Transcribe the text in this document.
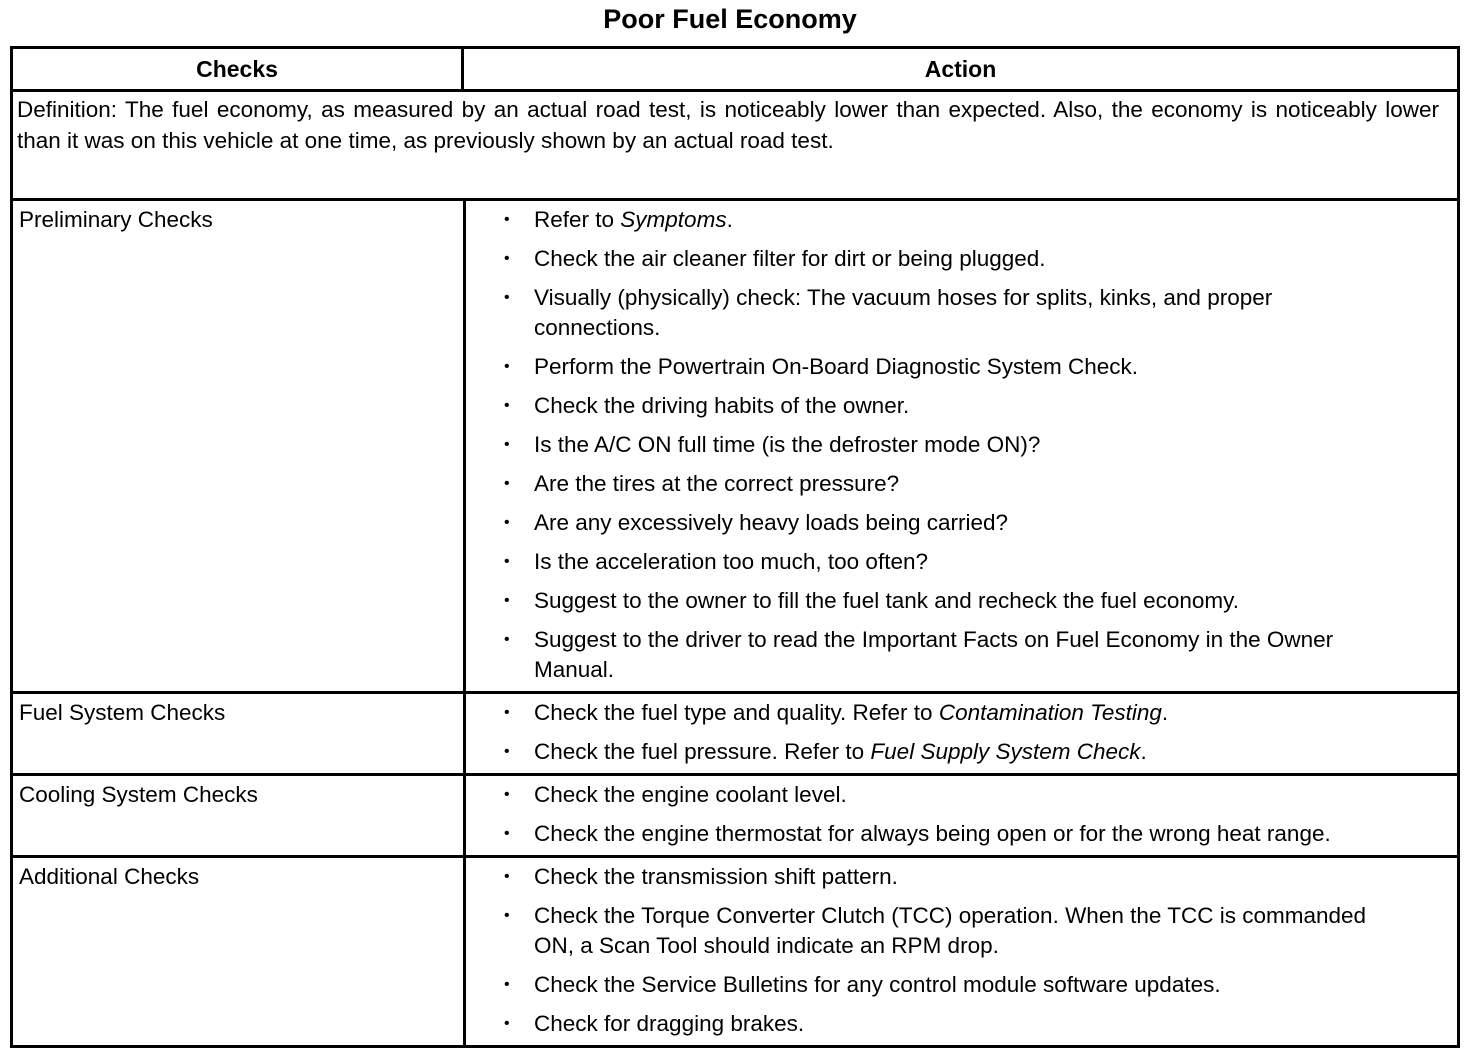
Poor Fuel Economy
Checks	Action
Definition: The fuel economy, as measured by an actual road test, is noticeably lower than expected. Also, the economy is noticeably lower than it was on this vehicle at one time, as previously shown by an actual road test.
Preliminary Checks	• Refer to Symptoms.
• Check the air cleaner filter for dirt or being plugged.
• Visually (physically) check: The vacuum hoses for splits, kinks, and proper connections.
• Perform the Powertrain On-Board Diagnostic System Check.
• Check the driving habits of the owner.
• Is the A/C ON full time (is the defroster mode ON)?
• Are the tires at the correct pressure?
• Are any excessively heavy loads being carried?
• Is the acceleration too much, too often?
• Suggest to the owner to fill the fuel tank and recheck the fuel economy.
• Suggest to the driver to read the Important Facts on Fuel Economy in the Owner Manual.
Fuel System Checks	• Check the fuel type and quality. Refer to Contamination Testing.
• Check the fuel pressure. Refer to Fuel Supply System Check.
Cooling System Checks	• Check the engine coolant level.
• Check the engine thermostat for always being open or for the wrong heat range.
Additional Checks	• Check the transmission shift pattern.
• Check the Torque Converter Clutch (TCC) operation. When the TCC is commanded ON, a Scan Tool should indicate an RPM drop.
• Check the Service Bulletins for any control module software updates.
• Check for dragging brakes.
